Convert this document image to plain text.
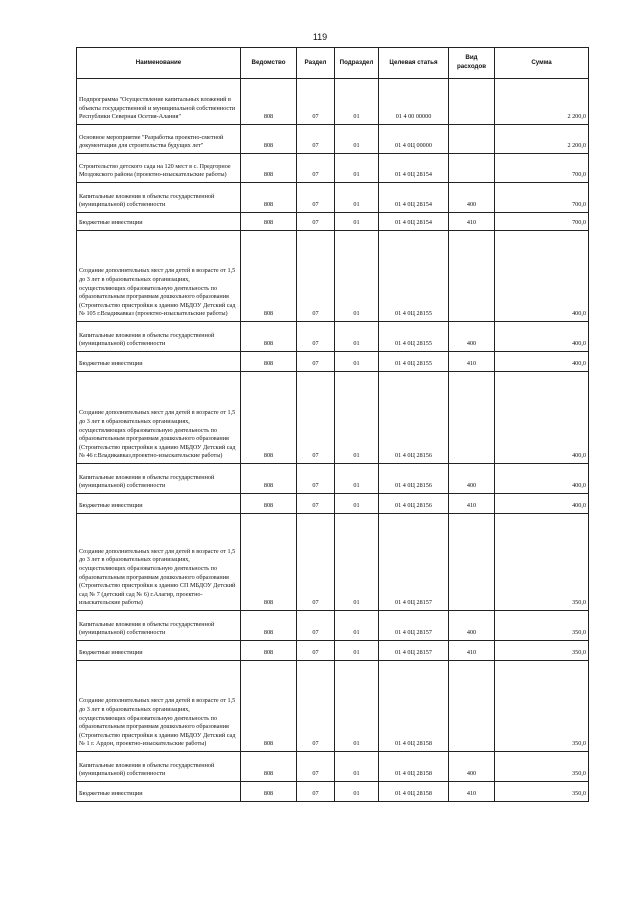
119
Наименование	Ведомство	Раздел	Подраздел	Целевая статья	Вид расходов	Сумма
Подпрограмма "Осуществление капитальных вложений в объекты государственной и муниципальной собственности Республики Северная Осетия-Алания"	808	07	01	01 4 00 00000		2 200,0
Основное мероприятие "Разработка проектно-сметной документации для строительства будущих лет"	808	07	01	01 4 0Ц 00000		2 200,0
Строительство детского сада на 120 мест в с. Предгорное Моздокского района (проектно-изыскательские работы)	808	07	01	01 4 0Ц 28154		700,0
Капитальные вложения в объекты государственной (муниципальной) собственности	808	07	01	01 4 0Ц 28154	400	700,0
Бюджетные инвестиции	808	07	01	01 4 0Ц 28154	410	700,0
Создание дополнительных мест для детей в возрасте от 1,5 до 3 лет в образовательных организациях, осуществляющих образовательную деятельность по образовательным программам дошкольного образования (Строительство пристройки к зданию МБДОУ Детский сад № 105 г.Владикавказ (проектно-изыскательские работы)	808	07	01	01 4 0Ц 28155		400,0
Капитальные вложения в объекты государственной (муниципальной) собственности	808	07	01	01 4 0Ц 28155	400	400,0
Бюджетные инвестиции	808	07	01	01 4 0Ц 28155	410	400,0
Создание дополнительных мест для детей в возрасте от 1,5 до 3 лет в образовательных организациях, осуществляющих образовательную деятельность по образовательным программам дошкольного образования (Строительство пристройки к зданию МБДОУ Детский сад № 46 г.Владикавказ,проектно-изыскательские работы)	808	07	01	01 4 0Ц 28156		400,0
Капитальные вложения в объекты государственной (муниципальной) собственности	808	07	01	01 4 0Ц 28156	400	400,0
Бюджетные инвестиции	808	07	01	01 4 0Ц 28156	410	400,0
Создание дополнительных мест для детей в возрасте от 1,5 до 3 лет в образовательных организациях, осуществляющих образовательную деятельность по образовательным программам дошкольного образования (Строительство пристройки к зданию СП МБДОУ Детский сад № 7 (детский сад № 6) г.Алагир, проектно-изыскательские работы)	808	07	01	01 4 0Ц 28157		350,0
Капитальные вложения в объекты государственной (муниципальной) собственности	808	07	01	01 4 0Ц 28157	400	350,0
Бюджетные инвестиции	808	07	01	01 4 0Ц 28157	410	350,0
Создание дополнительных мест для детей в возрасте от 1,5 до 3 лет в образовательных организациях, осуществляющих образовательную деятельность по образовательным программам дошкольного образования (Строительство пристройки к зданию МБДОУ Детский сад № 1 г. Ардон, проектно-изыскательские работы)	808	07	01	01 4 0Ц 28158		350,0
Капитальные вложения в объекты государственной (муниципальной) собственности	808	07	01	01 4 0Ц 28158	400	350,0
Бюджетные инвестиции	808	07	01	01 4 0Ц 28158	410	350,0
